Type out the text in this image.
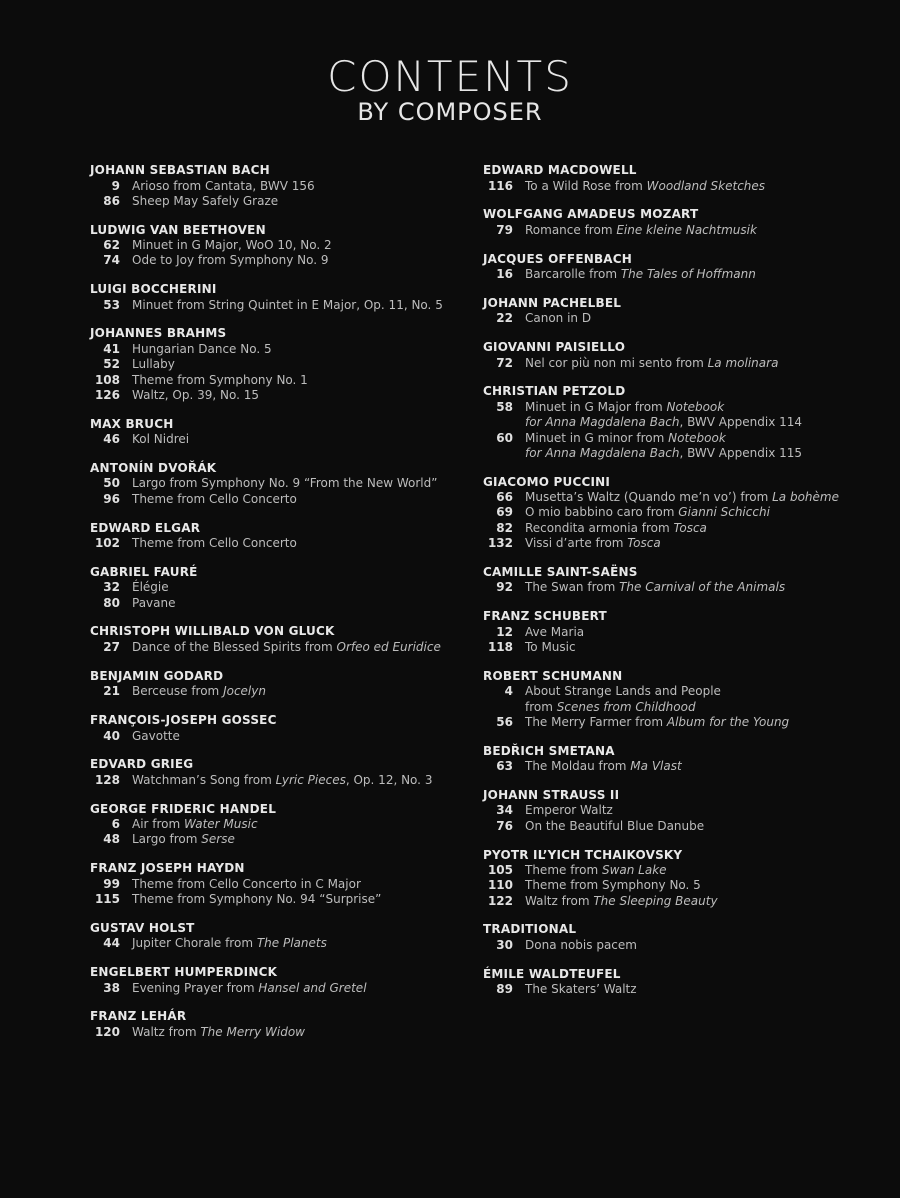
CONTENTS
BY COMPOSER
JOHANN SEBASTIAN BACH
9	Arioso from Cantata, BWV 156
86	Sheep May Safely Graze
LUDWIG VAN BEETHOVEN
62	Minuet in G Major, WoO 10, No. 2
74	Ode to Joy from Symphony No. 9
LUIGI BOCCHERINI
53	Minuet from String Quintet in E Major, Op. 11, No. 5
JOHANNES BRAHMS
41	Hungarian Dance No. 5
52	Lullaby
108	Theme from Symphony No. 1
126	Waltz, Op. 39, No. 15
MAX BRUCH
46	Kol Nidrei
ANTONÍN DVOŘÁK
50	Largo from Symphony No. 9 “From the New World”
96	Theme from Cello Concerto
EDWARD ELGAR
102	Theme from Cello Concerto
GABRIEL FAURÉ
32	Élégie
80	Pavane
CHRISTOPH WILLIBALD VON GLUCK
27	Dance of the Blessed Spirits from Orfeo ed Euridice
BENJAMIN GODARD
21	Berceuse from Jocelyn
FRANÇOIS-JOSEPH GOSSEC
40	Gavotte
EDVARD GRIEG
128	Watchman’s Song from Lyric Pieces, Op. 12, No. 3
GEORGE FRIDERIC HANDEL
6	Air from Water Music
48	Largo from Serse
FRANZ JOSEPH HAYDN
99	Theme from Cello Concerto in C Major
115	Theme from Symphony No. 94 “Surprise”
GUSTAV HOLST
44	Jupiter Chorale from The Planets
ENGELBERT HUMPERDINCK
38	Evening Prayer from Hansel and Gretel
FRANZ LEHÁR
120	Waltz from The Merry Widow
EDWARD MACDOWELL
116	To a Wild Rose from Woodland Sketches
WOLFGANG AMADEUS MOZART
79	Romance from Eine kleine Nachtmusik
JACQUES OFFENBACH
16	Barcarolle from The Tales of Hoffmann
JOHANN PACHELBEL
22	Canon in D
GIOVANNI PAISIELLO
72	Nel cor più non mi sento from La molinara
CHRISTIAN PETZOLD
58	Minuet in G Major from Notebook
for Anna Magdalena Bach, BWV Appendix 114
60	Minuet in G minor from Notebook
for Anna Magdalena Bach, BWV Appendix 115
GIACOMO PUCCINI
66	Musetta’s Waltz (Quando me’n vo’) from La bohème
69	O mio babbino caro from Gianni Schicchi
82	Recondita armonia from Tosca
132	Vissi d’arte from Tosca
CAMILLE SAINT-SAËNS
92	The Swan from The Carnival of the Animals
FRANZ SCHUBERT
12	Ave Maria
118	To Music
ROBERT SCHUMANN
4	About Strange Lands and People
from Scenes from Childhood
56	The Merry Farmer from Album for the Young
BEDŘICH SMETANA
63	The Moldau from Ma Vlast
JOHANN STRAUSS II
34	Emperor Waltz
76	On the Beautiful Blue Danube
PYOTR IL’YICH TCHAIKOVSKY
105	Theme from Swan Lake
110	Theme from Symphony No. 5
122	Waltz from The Sleeping Beauty
TRADITIONAL
30	Dona nobis pacem
ÉMILE WALDTEUFEL
89	The Skaters’ Waltz
